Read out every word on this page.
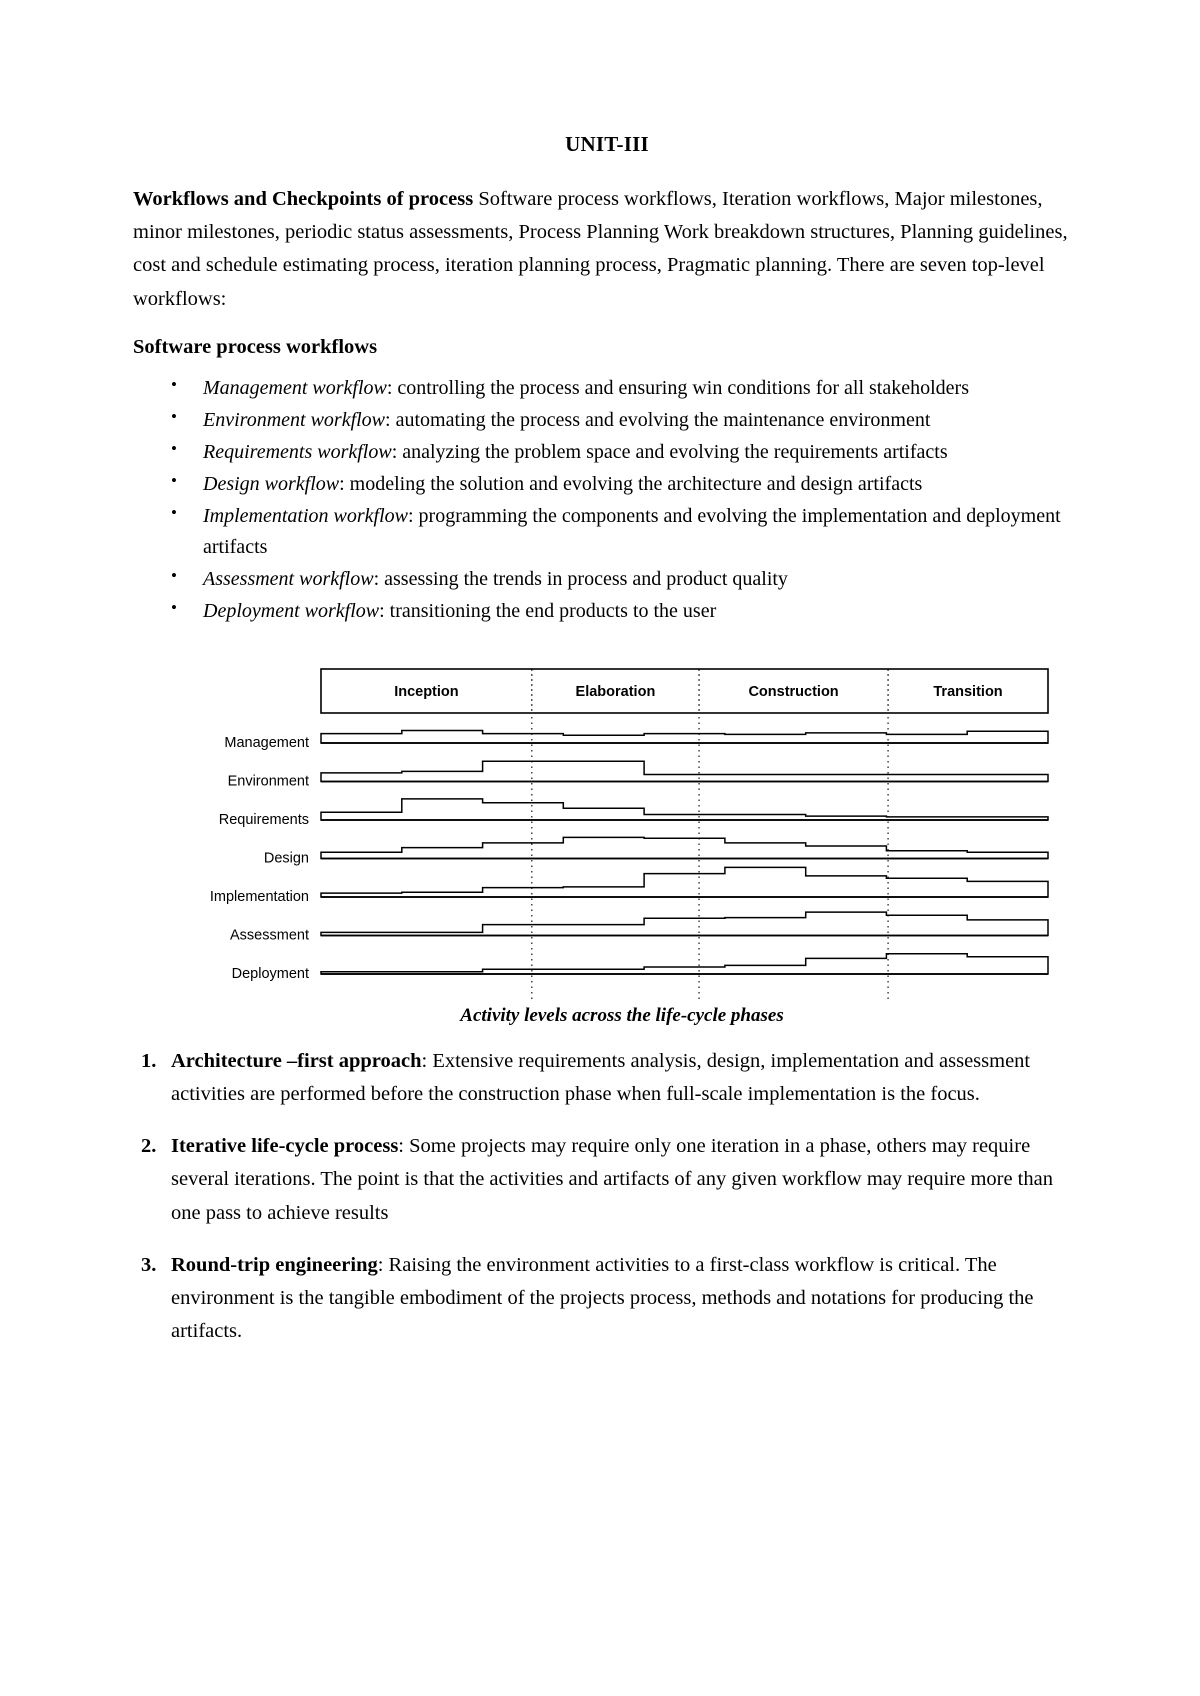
UNIT-III

Workflows and Checkpoints of process Software process workflows, Iteration workflows, Major milestones, minor milestones, periodic status assessments, Process Planning Work breakdown structures, Planning guidelines, cost and schedule estimating process, iteration planning process, Pragmatic planning. There are seven top-level workflows:

Software process workflows
• Management workflow: controlling the process and ensuring win conditions for all stakeholders
• Environment workflow: automating the process and evolving the maintenance environment
• Requirements workflow: analyzing the problem space and evolving the requirements artifacts
• Design workflow: modeling the solution and evolving the architecture and design artifacts
• Implementation workflow: programming the components and evolving the implementation and deployment artifacts
• Assessment workflow: assessing the trends in process and product quality
• Deployment workflow: transitioning the end products to the user
Inception	Elaboration	Construction	Transition
Management
Environment
Requirements
Design
Implementation
Assessment
Deployment
Activity levels across the life-cycle phases
1. Architecture –first approach: Extensive requirements analysis, design, implementation and assessment activities are performed before the construction phase when full-scale implementation is the focus.
2. Iterative life-cycle process: Some projects may require only one iteration in a phase, others may require several iterations. The point is that the activities and artifacts of any given workflow may require more than one pass to achieve results
3. Round-trip engineering: Raising the environment activities to a first-class workflow is critical. The environment is the tangible embodiment of the projects process, methods and notations for producing the artifacts.
